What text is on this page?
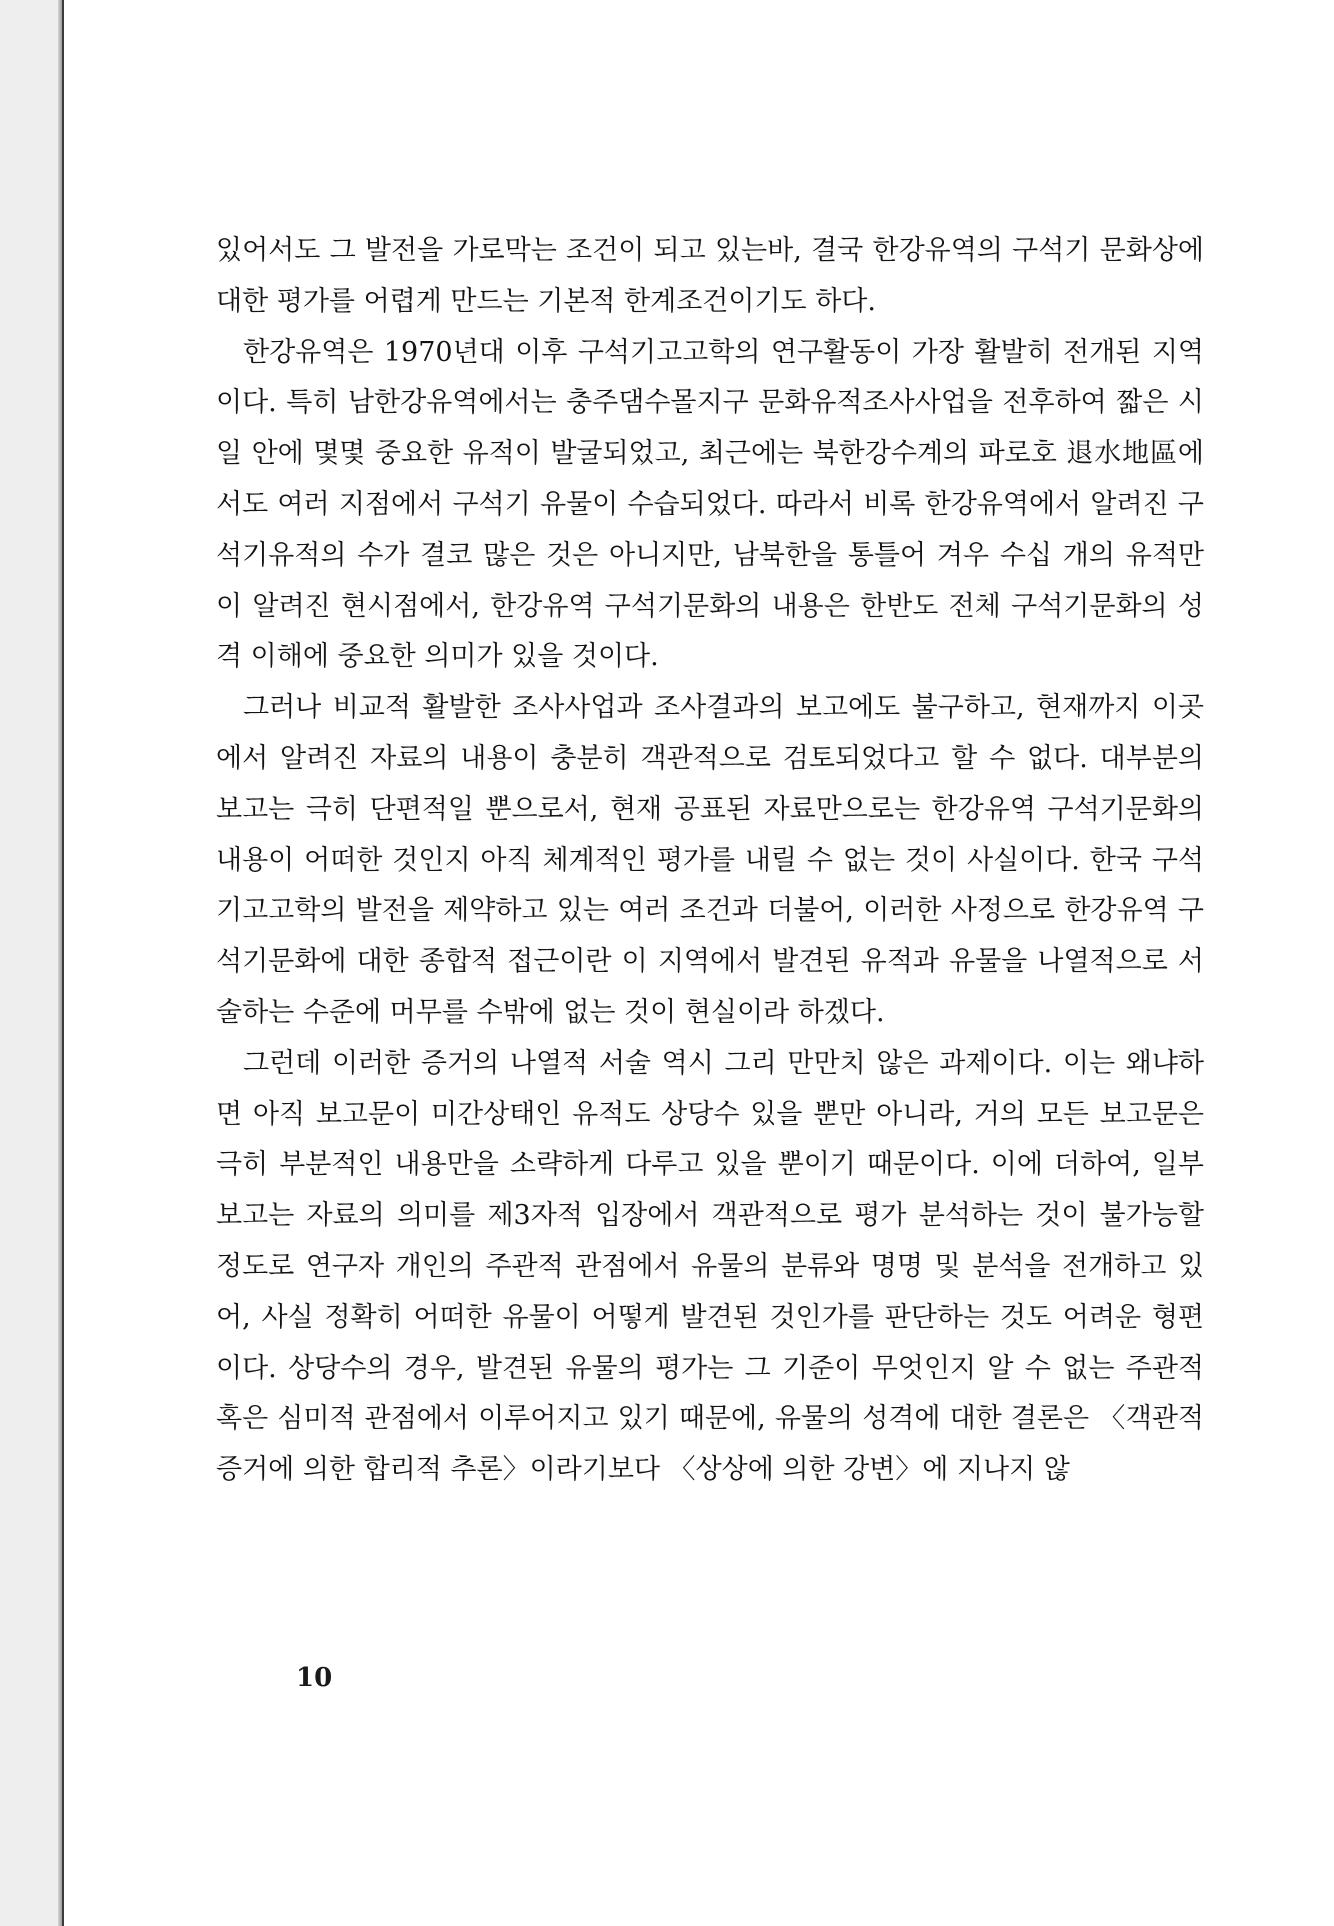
있어서도 그 발전을 가로막는 조건이 되고 있는바, 결국 한강유역의 구석기 문화상에 대한 평가를 어렵게 만드는 기본적 한계조건이기도 하다.

한강유역은 1970년대 이후 구석기고고학의 연구활동이 가장 활발히 전개된 지역이다. 특히 남한강유역에서는 충주댐수몰지구 문화유적조사사업을 전후하여 짧은 시일 안에 몇몇 중요한 유적이 발굴되었고, 최근에는 북한강수계의 파로호 退水地區에서도 여러 지점에서 구석기 유물이 수습되었다. 따라서 비록 한강유역에서 알려진 구석기유적의 수가 결코 많은 것은 아니지만, 남북한을 통틀어 겨우 수십 개의 유적만이 알려진 현시점에서, 한강유역 구석기문화의 내용은 한반도 전체 구석기문화의 성격 이해에 중요한 의미가 있을 것이다.

그러나 비교적 활발한 조사사업과 조사결과의 보고에도 불구하고, 현재까지 이곳에서 알려진 자료의 내용이 충분히 객관적으로 검토되었다고 할 수 없다. 대부분의 보고는 극히 단편적일 뿐으로서, 현재 공표된 자료만으로는 한강유역 구석기문화의 내용이 어떠한 것인지 아직 체계적인 평가를 내릴 수 없는 것이 사실이다. 한국 구석기고고학의 발전을 제약하고 있는 여러 조건과 더불어, 이러한 사정으로 한강유역 구석기문화에 대한 종합적 접근이란 이 지역에서 발견된 유적과 유물을 나열적으로 서술하는 수준에 머무를 수밖에 없는 것이 현실이라 하겠다.

그런데 이러한 증거의 나열적 서술 역시 그리 만만치 않은 과제이다. 이는 왜냐하면 아직 보고문이 미간상태인 유적도 상당수 있을 뿐만 아니라, 거의 모든 보고문은 극히 부분적인 내용만을 소략하게 다루고 있을 뿐이기 때문이다. 이에 더하여, 일부 보고는 자료의 의미를 제3자적 입장에서 객관적으로 평가 분석하는 것이 불가능할 정도로 연구자 개인의 주관적 관점에서 유물의 분류와 명명 및 분석을 전개하고 있어, 사실 정확히 어떠한 유물이 어떻게 발견된 것인가를 판단하는 것도 어려운 형편이다. 상당수의 경우, 발견된 유물의 평가는 그 기준이 무엇인지 알 수 없는 주관적 혹은 심미적 관점에서 이루어지고 있기 때문에, 유물의 성격에 대한 결론은 〈객관적 증거에 의한 합리적 추론〉이라기보다 〈상상에 의한 강변〉에 지나지 않

10
